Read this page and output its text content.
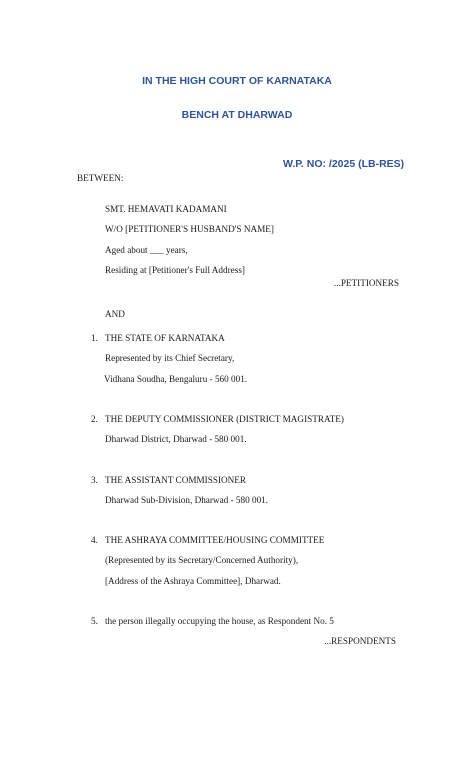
IN THE HIGH COURT OF KARNATAKA
BENCH AT DHARWAD
W.P. NO: /2025 (LB-RES)
BETWEEN:
SMT. HEMAVATI KADAMANI
W/O [PETITIONER'S HUSBAND'S NAME]
Aged about ___ years,
Residing at [Petitioner's Full Address]
...PETITIONERS
AND
1. THE STATE OF KARNATAKA
Represented by its Chief Secretary,
Vidhana Soudha, Bengaluru - 560 001.
2. THE DEPUTY COMMISSIONER (DISTRICT MAGISTRATE)
Dharwad District, Dharwad - 580 001.
3. THE ASSISTANT COMMISSIONER
Dharwad Sub-Division, Dharwad - 580 001.
4. THE ASHRAYA COMMITTEE/HOUSING COMMITTEE
(Represented by its Secretary/Concerned Authority),
[Address of the Ashraya Committee], Dharwad.
5. the person illegally occupying the house, as Respondent No. 5
...RESPONDENTS
